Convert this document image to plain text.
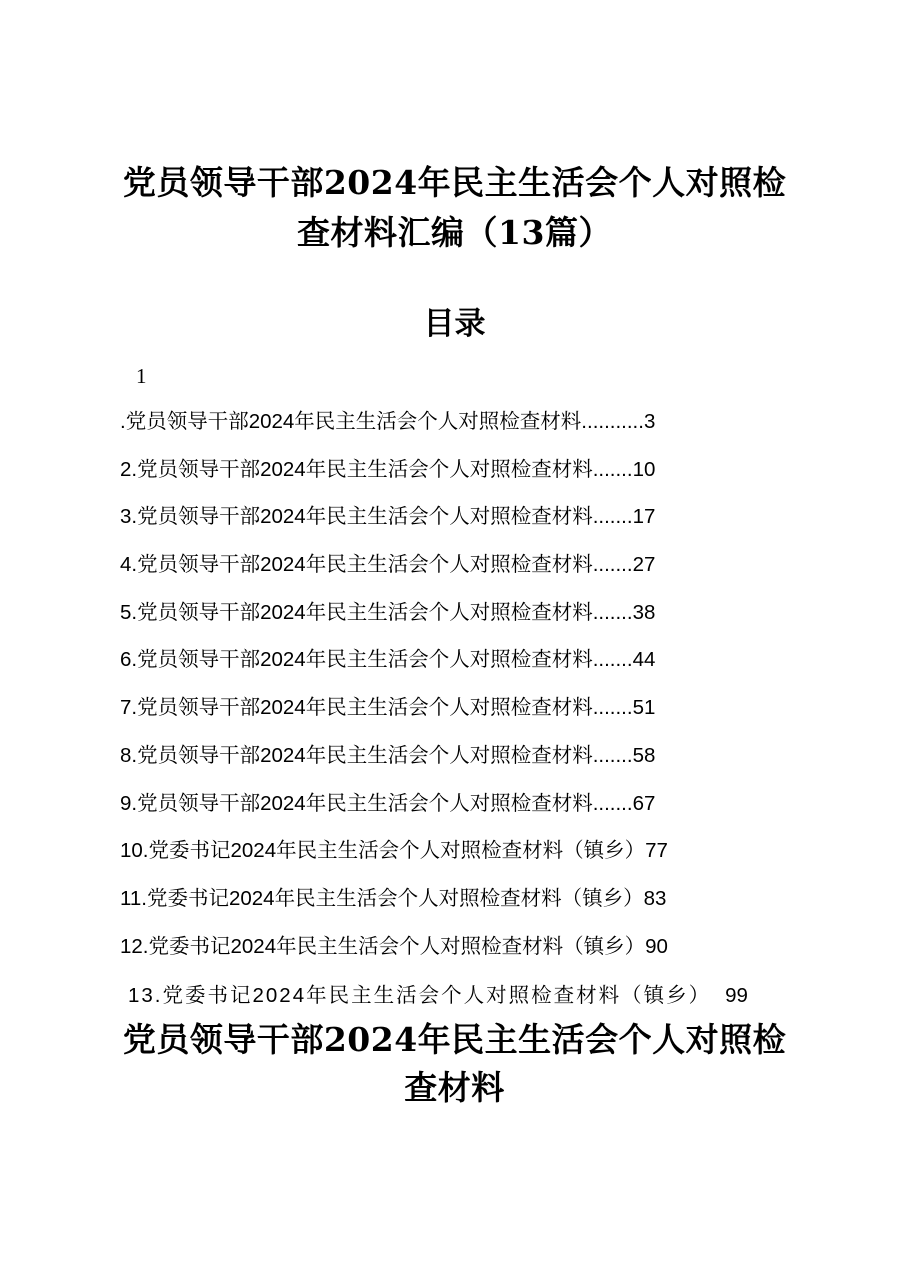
党员领导干部2024年民主生活会个人对照检
查材料汇编（13篇）
目录
1
.党员领导干部2024年民主生活会个人对照检查材料...........3
2.党员领导干部2024年民主生活会个人对照检查材料.......10
3.党员领导干部2024年民主生活会个人对照检查材料.......17
4.党员领导干部2024年民主生活会个人对照检查材料.......27
5.党员领导干部2024年民主生活会个人对照检查材料.......38
6.党员领导干部2024年民主生活会个人对照检查材料.......44
7.党员领导干部2024年民主生活会个人对照检查材料.......51
8.党员领导干部2024年民主生活会个人对照检查材料.......58
9.党员领导干部2024年民主生活会个人对照检查材料.......67
10.党委书记2024年民主生活会个人对照检查材料（镇乡）77
11.党委书记2024年民主生活会个人对照检查材料（镇乡）83
12.党委书记2024年民主生活会个人对照检查材料（镇乡）90
13.党委书记2024年民主生活会个人对照检查材料（镇乡） 99
党员领导干部2024年民主生活会个人对照检
查材料
